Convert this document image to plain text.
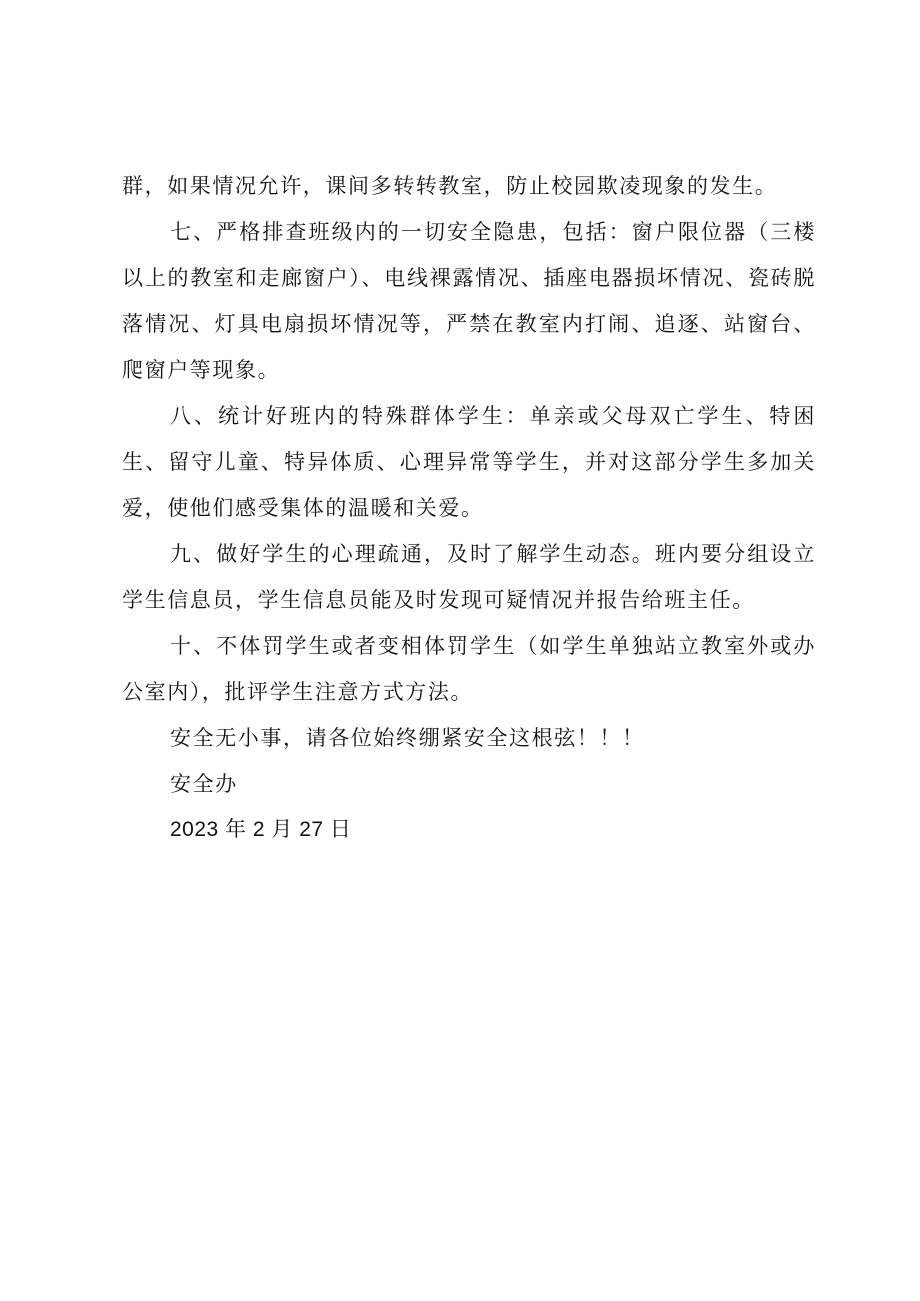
群，如果情况允许，课间多转转教室，防止校园欺凌现象的发生。

七、严格排查班级内的一切安全隐患，包括：窗户限位器（三楼以上的教室和走廊窗户）、电线裸露情况、插座电器损坏情况、瓷砖脱落情况、灯具电扇损坏情况等，严禁在教室内打闹、追逐、站窗台、爬窗户等现象。

八、统计好班内的特殊群体学生：单亲或父母双亡学生、特困生、留守儿童、特异体质、心理异常等学生，并对这部分学生多加关爱，使他们感受集体的温暖和关爱。

九、做好学生的心理疏通，及时了解学生动态。班内要分组设立学生信息员，学生信息员能及时发现可疑情况并报告给班主任。

十、不体罚学生或者变相体罚学生（如学生单独站立教室外或办公室内），批评学生注意方式方法。

安全无小事，请各位始终绷紧安全这根弦！！！

安全办

2023 年 2 月 27 日
